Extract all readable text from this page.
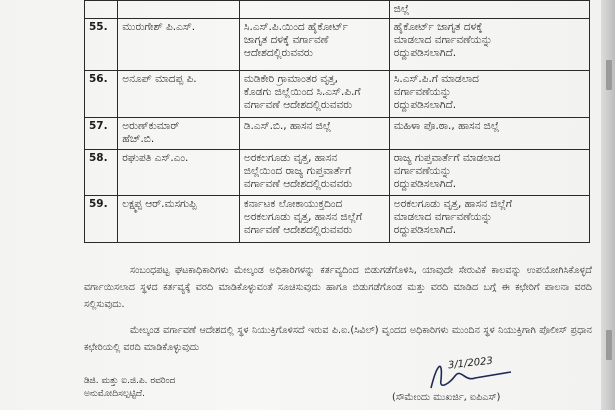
			ಜಿಲ್ಲೆ
55.	ಮುರುಗೇಶ್ ಪಿ.ಎಸ್.	ಸಿ.ಎಸ್.ಪಿ.ಯಿಂದ ಹೈಕೋರ್ಟ್
ಜಾಗೃತ ದಳಕ್ಕೆ ವರ್ಗಾವಣೆ
ಆದೇಶದಲ್ಲಿರುವವರು	ಹೈಕೋರ್ಟ್ ಜಾಗೃತ ದಳಕ್ಕೆ
ಮಾಡಲಾದ ವರ್ಗಾವಣೆಯನ್ನು
ರದ್ದುಪಡಿಸಲಾಗಿದೆ.
56.	ಅನೂಪ್ ಮಾದಪ್ಪ ಪಿ.	ಮಡಿಕೇರಿ ಗ್ರಾಮಾಂತರ ವೃತ್ತ,
ಕೊಡಗು ಜಿಲ್ಲೆಯಿಂದ ಸಿ.ಎಸ್.ಪಿ.ಗೆ
ವರ್ಗಾವಣೆ ಆದೇಶದಲ್ಲಿರುವವರು	ಸಿ.ಎಸ್.ಪಿ.ಗೆ ಮಾಡಲಾದ
ವರ್ಗಾವಣೆಯನ್ನು
ರದ್ದುಪಡಿಸಲಾಗಿದೆ.
57.	ಅರುಣ್‌ಕುಮಾರ್
ಹೆಚ್.ಬಿ.	ಡಿ.ಎಸ್.ಬಿ., ಹಾಸನ ಜಿಲ್ಲೆ	ಮಹಿಳಾ ಪೊ.ಠಾ., ಹಾಸನ ಜಿಲ್ಲೆ
58.	ರಘುಪತಿ ಎಸ್.ಎಂ.	ಅರಕಲಗೂಡು ವೃತ್ತ, ಹಾಸನ
ಜಿಲ್ಲೆಯಿಂದ ರಾಜ್ಯ ಗುಪ್ತವಾರ್ತೆಗೆ
ವರ್ಗಾವಣೆ ಆದೇಶದಲ್ಲಿರುವವರು	ರಾಜ್ಯ ಗುಪ್ತವಾರ್ತೆಗೆ ಮಾಡಲಾದ
ವರ್ಗಾವಣೆಯನ್ನು
ರದ್ದುಪಡಿಸಲಾಗಿದೆ.
59.	ಲಕ್ಷ್ಮಪ್ಪ ಆರ್.ಮಸಗುಪ್ಪಿ	ಕರ್ನಾಟಕ ಲೋಕಾಯುಕ್ತದಿಂದ
ಅರಕಲಗೂಡು ವೃತ್ತ, ಹಾಸನ ಜಿಲ್ಲೆಗೆ
ವರ್ಗಾವಣೆ ಆದೇಶದಲ್ಲಿರುವವರು	ಅರಕಲಗೂಡು ವೃತ್ತ, ಹಾಸನ ಜಿಲ್ಲೆಗೆ
ಮಾಡಲಾದ ವರ್ಗಾವಣೆಯನ್ನು
ರದ್ದುಪಡಿಸಲಾಗಿದೆ.
ಸಂಬಂಧಪಟ್ಟ ಘಟಕಾಧಿಕಾರಿಗಳು ಮೇಲ್ಕಂಡ ಅಧಿಕಾರಿಗಳನ್ನು ಕರ್ತವ್ಯದಿಂದ ಬಿಡುಗಡೆಗೊಳಿಸಿ, ಯಾವುದೇ ಸೇರುವಿಕೆ ಕಾಲವನ್ನು ಉಪಯೋಗಿಸಿಕೊಳ್ಳದೆ ವರ್ಗಾಯಿಸಲಾದ ಸ್ಥಳದ ಕರ್ತವ್ಯಕ್ಕೆ ವರದಿ ಮಾಡಿಕೊಳ್ಳುವಂತೆ ಸೂಚಿಸುವುದು ಹಾಗೂ ಬಿಡುಗಡೆಗೊಂಡ ಮತ್ತು ವರದಿ ಮಾಡಿದ ಬಗ್ಗೆ ಈ ಕಛೇರಿಗೆ ಪಾಲನಾ ವರದಿ ಸಲ್ಲಿಸುವುದು.
ಮೇಲ್ಕಂಡ ವರ್ಗಾವಣೆ ಆದೇಶದಲ್ಲಿ ಸ್ಥಳ ನಿಯುಕ್ತಿಗೊಳಿಸದೆ ಇರುವ ಪಿ.ಐ.(ಸಿವಿಲ್) ವೃಂದದ ಅಧಿಕಾರಿಗಳು ಮುಂದಿನ ಸ್ಥಳ ನಿಯುಕ್ತಿಗಾಗಿ ಪೊಲೀಸ್ ಪ್ರಧಾನ ಕಛೇರಿಯಲ್ಲಿ ವರದಿ ಮಾಡಿಕೊಳ್ಳುವುದು
ಡಿಜಿ. ಮತ್ತು ಐ.ಜಿ.ಪಿ. ರವರಿಂದ
ಅನುಮೋದಿಸಲ್ಪಟ್ಟಿದೆ.
3/1/2023
(ಸೌಮೇಂದು ಮುಖರ್ಜಿ, ಐಪಿಎಸ್)
